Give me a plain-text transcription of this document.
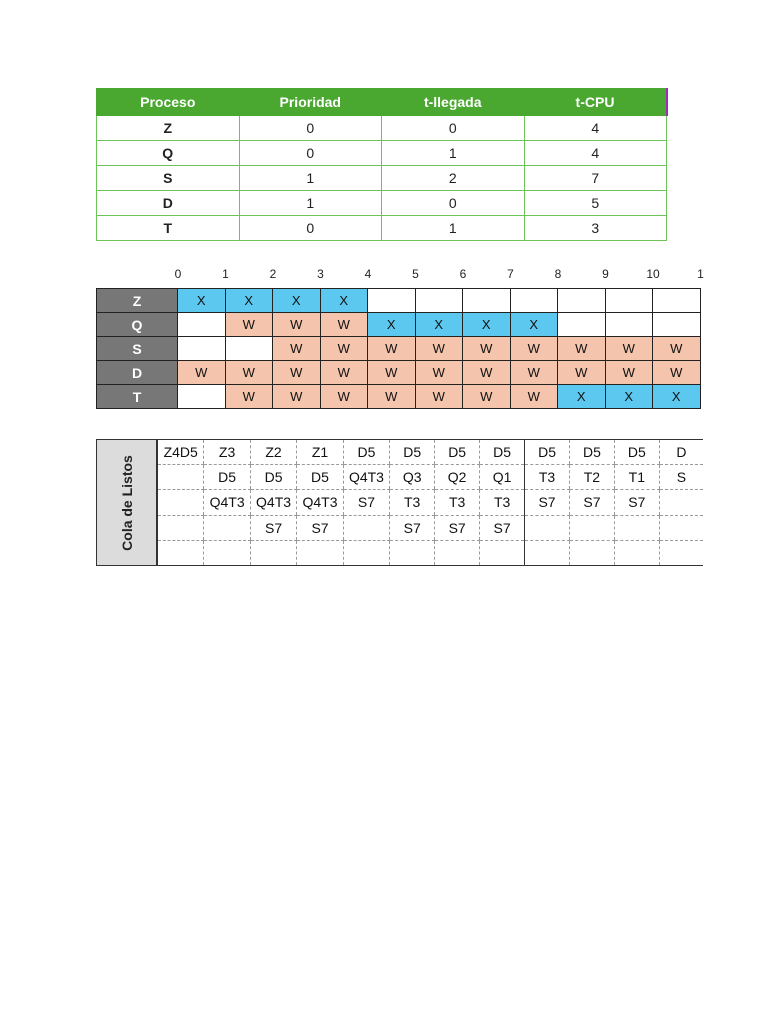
Proceso	Prioridad	t-llegada	t-CPU
Z	0	0	4
Q	0	1	4
S	1	2	7
D	1	0	5
T	0	1	3
0	1	2	3	4	5	6	7	8	9	10	1
Z	X	X	X	X							
Q		W	W	W	X	X	X	X			
S			W	W	W	W	W	W	W	W	W
D	W	W	W	W	W	W	W	W	W	W	W
T		W	W	W	W	W	W	W	X	X	X
Cola de Listos
Z4D5	Z3	Z2	Z1	D5	D5	D5	D5	D5	D5	D5	D
	D5	D5	D5	Q4T3	Q3	Q2	Q1	T3	T2	T1	S
	Q4T3	Q4T3	Q4T3	S7	T3	T3	T3	S7	S7	S7	
		S7	S7		S7	S7	S7				
